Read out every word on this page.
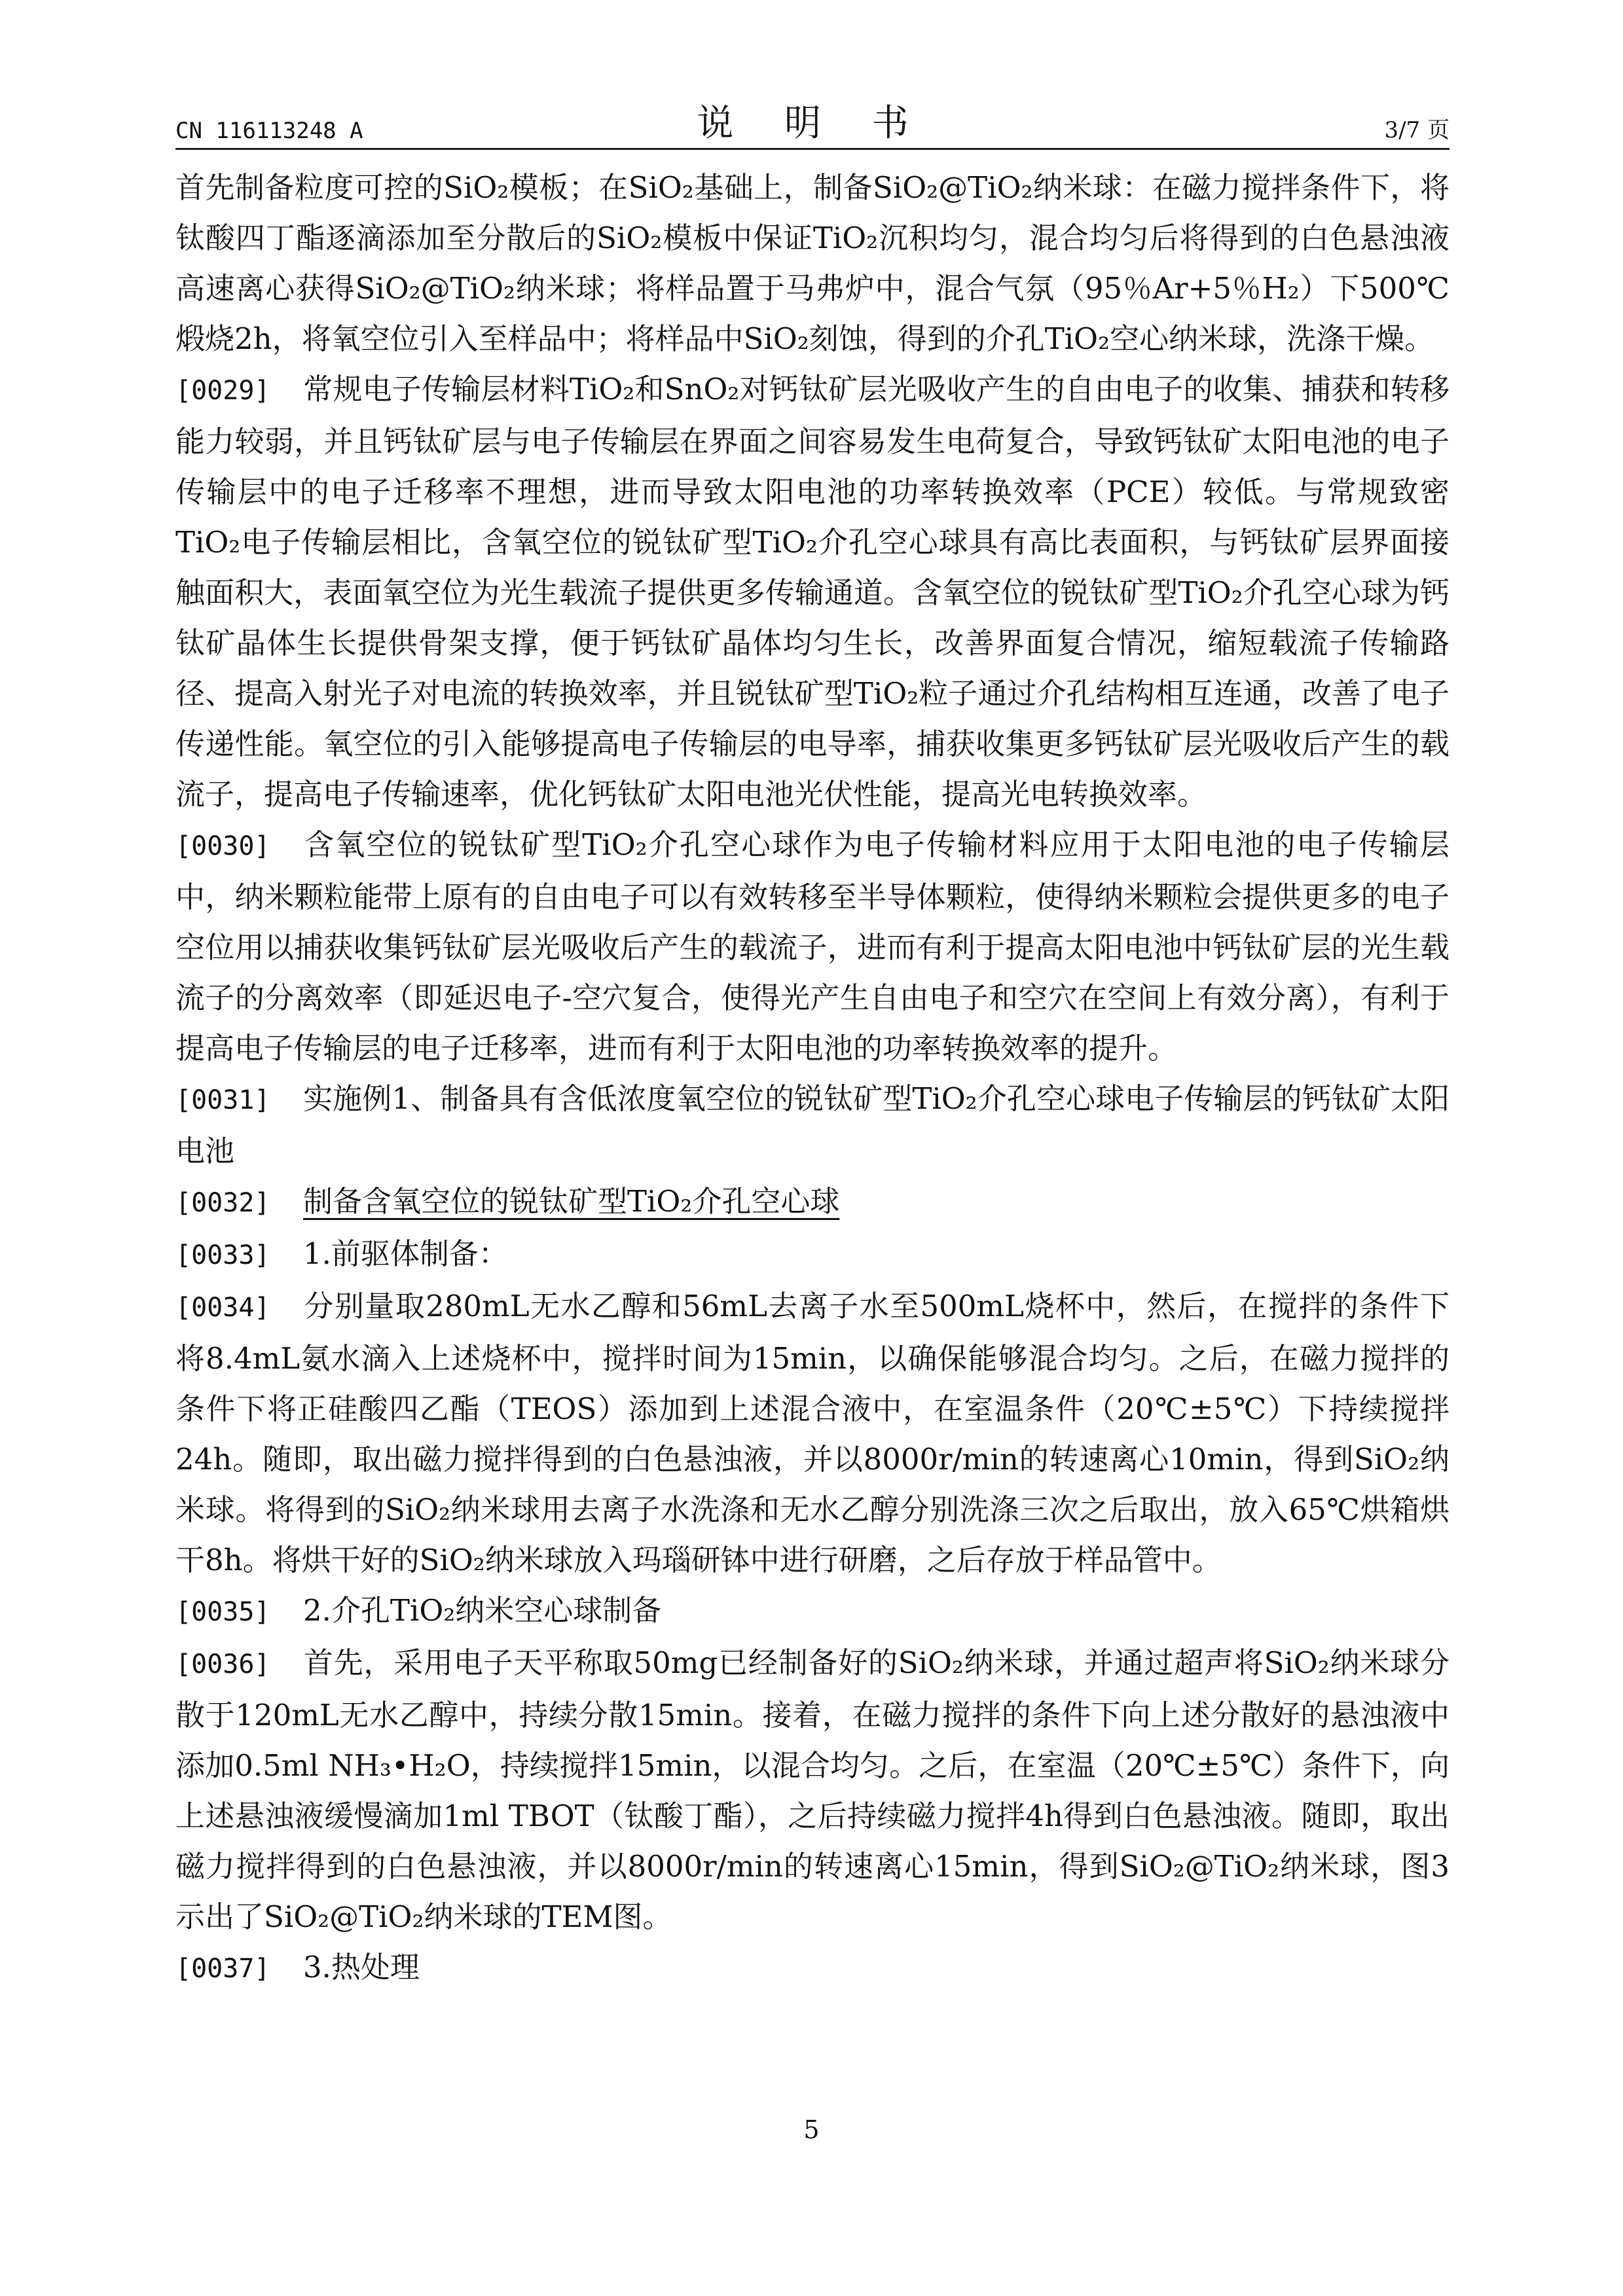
CN 116113248 A	说 明 书	3/7 页

首先制备粒度可控的SiO₂模板；在SiO₂基础上，制备SiO₂@TiO₂纳米球：在磁力搅拌条件下，将钛酸四丁酯逐滴添加至分散后的SiO₂模板中保证TiO₂沉积均匀，混合均匀后将得到的白色悬浊液高速离心获得SiO₂@TiO₂纳米球；将样品置于马弗炉中，混合气氛（95％Ar+5％H₂）下500℃煅烧2h，将氧空位引入至样品中；将样品中SiO₂刻蚀，得到的介孔TiO₂空心纳米球，洗涤干燥。

[0029] 常规电子传输层材料TiO₂和SnO₂对钙钛矿层光吸收产生的自由电子的收集、捕获和转移能力较弱，并且钙钛矿层与电子传输层在界面之间容易发生电荷复合，导致钙钛矿太阳电池的电子传输层中的电子迁移率不理想，进而导致太阳电池的功率转换效率（PCE）较低。与常规致密TiO₂电子传输层相比，含氧空位的锐钛矿型TiO₂介孔空心球具有高比表面积，与钙钛矿层界面接触面积大，表面氧空位为光生载流子提供更多传输通道。含氧空位的锐钛矿型TiO₂介孔空心球为钙钛矿晶体生长提供骨架支撑，便于钙钛矿晶体均匀生长，改善界面复合情况，缩短载流子传输路径、提高入射光子对电流的转换效率，并且锐钛矿型TiO₂粒子通过介孔结构相互连通，改善了电子传递性能。氧空位的引入能够提高电子传输层的电导率，捕获收集更多钙钛矿层光吸收后产生的载流子，提高电子传输速率，优化钙钛矿太阳电池光伏性能，提高光电转换效率。

[0030] 含氧空位的锐钛矿型TiO₂介孔空心球作为电子传输材料应用于太阳电池的电子传输层中，纳米颗粒能带上原有的自由电子可以有效转移至半导体颗粒，使得纳米颗粒会提供更多的电子空位用以捕获收集钙钛矿层光吸收后产生的载流子，进而有利于提高太阳电池中钙钛矿层的光生载流子的分离效率（即延迟电子-空穴复合，使得光产生自由电子和空穴在空间上有效分离），有利于提高电子传输层的电子迁移率，进而有利于太阳电池的功率转换效率的提升。

[0031] 实施例1、制备具有含低浓度氧空位的锐钛矿型TiO₂介孔空心球电子传输层的钙钛矿太阳电池

[0032] 制备含氧空位的锐钛矿型TiO₂介孔空心球

[0033] 1.前驱体制备：

[0034] 分别量取280mL无水乙醇和56mL去离子水至500mL烧杯中，然后，在搅拌的条件下将8.4mL氨水滴入上述烧杯中，搅拌时间为15min，以确保能够混合均匀。之后，在磁力搅拌的条件下将正硅酸四乙酯（TEOS）添加到上述混合液中，在室温条件（20℃±5℃）下持续搅拌24h。随即，取出磁力搅拌得到的白色悬浊液，并以8000r/min的转速离心10min，得到SiO₂纳米球。将得到的SiO₂纳米球用去离子水洗涤和无水乙醇分别洗涤三次之后取出，放入65℃烘箱烘干8h。将烘干好的SiO₂纳米球放入玛瑙研钵中进行研磨，之后存放于样品管中。

[0035] 2.介孔TiO₂纳米空心球制备

[0036] 首先，采用电子天平称取50mg已经制备好的SiO₂纳米球，并通过超声将SiO₂纳米球分散于120mL无水乙醇中，持续分散15min。接着，在磁力搅拌的条件下向上述分散好的悬浊液中添加0.5ml NH₃•H₂O，持续搅拌15min，以混合均匀。之后，在室温（20℃±5℃）条件下，向上述悬浊液缓慢滴加1ml TBOT（钛酸丁酯），之后持续磁力搅拌4h得到白色悬浊液。随即，取出磁力搅拌得到的白色悬浊液，并以8000r/min的转速离心15min，得到SiO₂@TiO₂纳米球，图3示出了SiO₂@TiO₂纳米球的TEM图。

[0037] 3.热处理

5
